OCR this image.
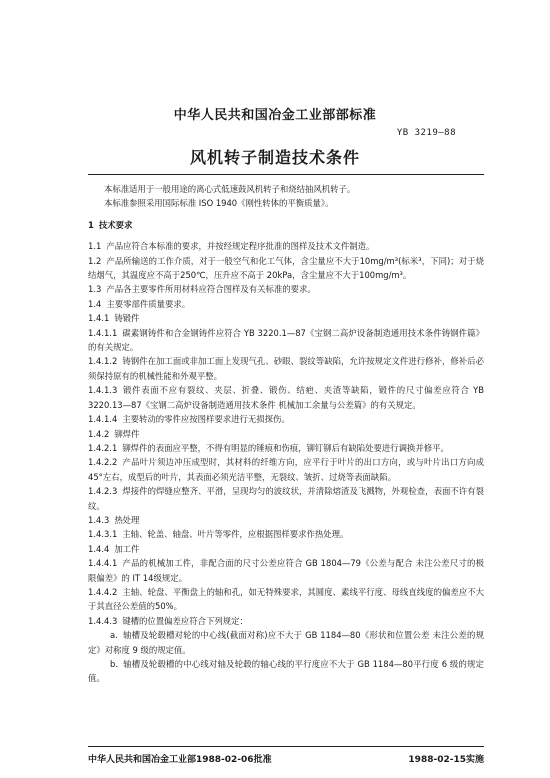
中华人民共和国冶金工业部部标准
YB 3219—88
风机转子制造技术条件

本标准适用于一般用途的离心式低速鼓风机转子和烧结抽风机转子。

本标准参照采用国际标准 ISO 1940《刚性转体的平衡质量》。

1 技术要求

1.1 产品应符合本标准的要求，并按经规定程序批准的图样及技术文件制造。

1.2 产品所输送的工作介质，对于一般空气和化工气体，含尘量应不大于10mg/m³(标米³，下同)；对于烧结烟气，其温度应不高于250℃，压升应不高于 20kPa，含尘量应不大于100mg/m³。

1.3 产品各主要零件所用材料应符合图样及有关标准的要求。

1.4 主要零部件质量要求。

1.4.1 铸锻件

1.4.1.1 碳素钢铸件和合金钢铸件应符合 YB 3220.1—87《宝钢二高炉设备制造通用技术条件铸钢件篇》的有关规定。

1.4.1.2 铸钢件在加工面或非加工面上发现气孔、砂眼、裂纹等缺陷，允许按规定文件进行修补，修补后必须保持原有的机械性能和外观平整。

1.4.1.3 锻件表面不应有裂纹、夹层、折叠、锻伤、结疤、夹渣等缺陷，锻件的尺寸偏差应符合 YB 3220.13—87《宝钢二高炉设备制造通用技术条件 机械加工余量与公差篇》的有关规定。

1.4.1.4 主要转动的零件应按图样要求进行无损探伤。

1.4.2 铆焊件

1.4.2.1 铆焊件的表面应平整，不得有明显的锤痕和伤痕，铆钉铆后有缺陷处要进行调换并修平。

1.4.2.2 产品叶片须边冲压成型时，其材料的纤维方向，应平行于叶片的出口方向，或与叶片出口方向成45°左右，成型后的叶片，其表面必须光洁平整，无裂纹、皱折、过烧等表面缺陷。

1.4.2.3 焊接件的焊缝应整齐、平滑，呈现均匀的波纹状，并清除熔渣及飞溅物，外观检查，表面不许有裂纹。

1.4.3 热处理

1.4.3.1 主轴、轮盖、轴盘、叶片等零件，应根据图样要求作热处理。

1.4.4 加工件

1.4.4.1 产品的机械加工件，非配合面的尺寸公差应符合 GB 1804—79《公差与配合 未注公差尺寸的极限偏差》的 IT 14级规定。

1.4.4.2 主轴、轮盘、平衡盘上的轴和孔，如无特殊要求，其圆度、素线平行度、母线直线度的偏差应不大于其直径公差值的50%。

1.4.4.3 键槽的位置偏差应符合下列规定：

a. 轴槽及轮毂槽对轮的中心线(截面对称)应不大于 GB 1184—80《形状和位置公差 未注公差的规定》对称度 9 级的规定值。

b. 轴槽及轮毂槽的中心线对轴及轮毂的轴心线的平行度应不大于 GB 1184—80平行度 6 级的规定值。

中华人民共和国冶金工业部1988-02-06批准	1988-02-15实施
